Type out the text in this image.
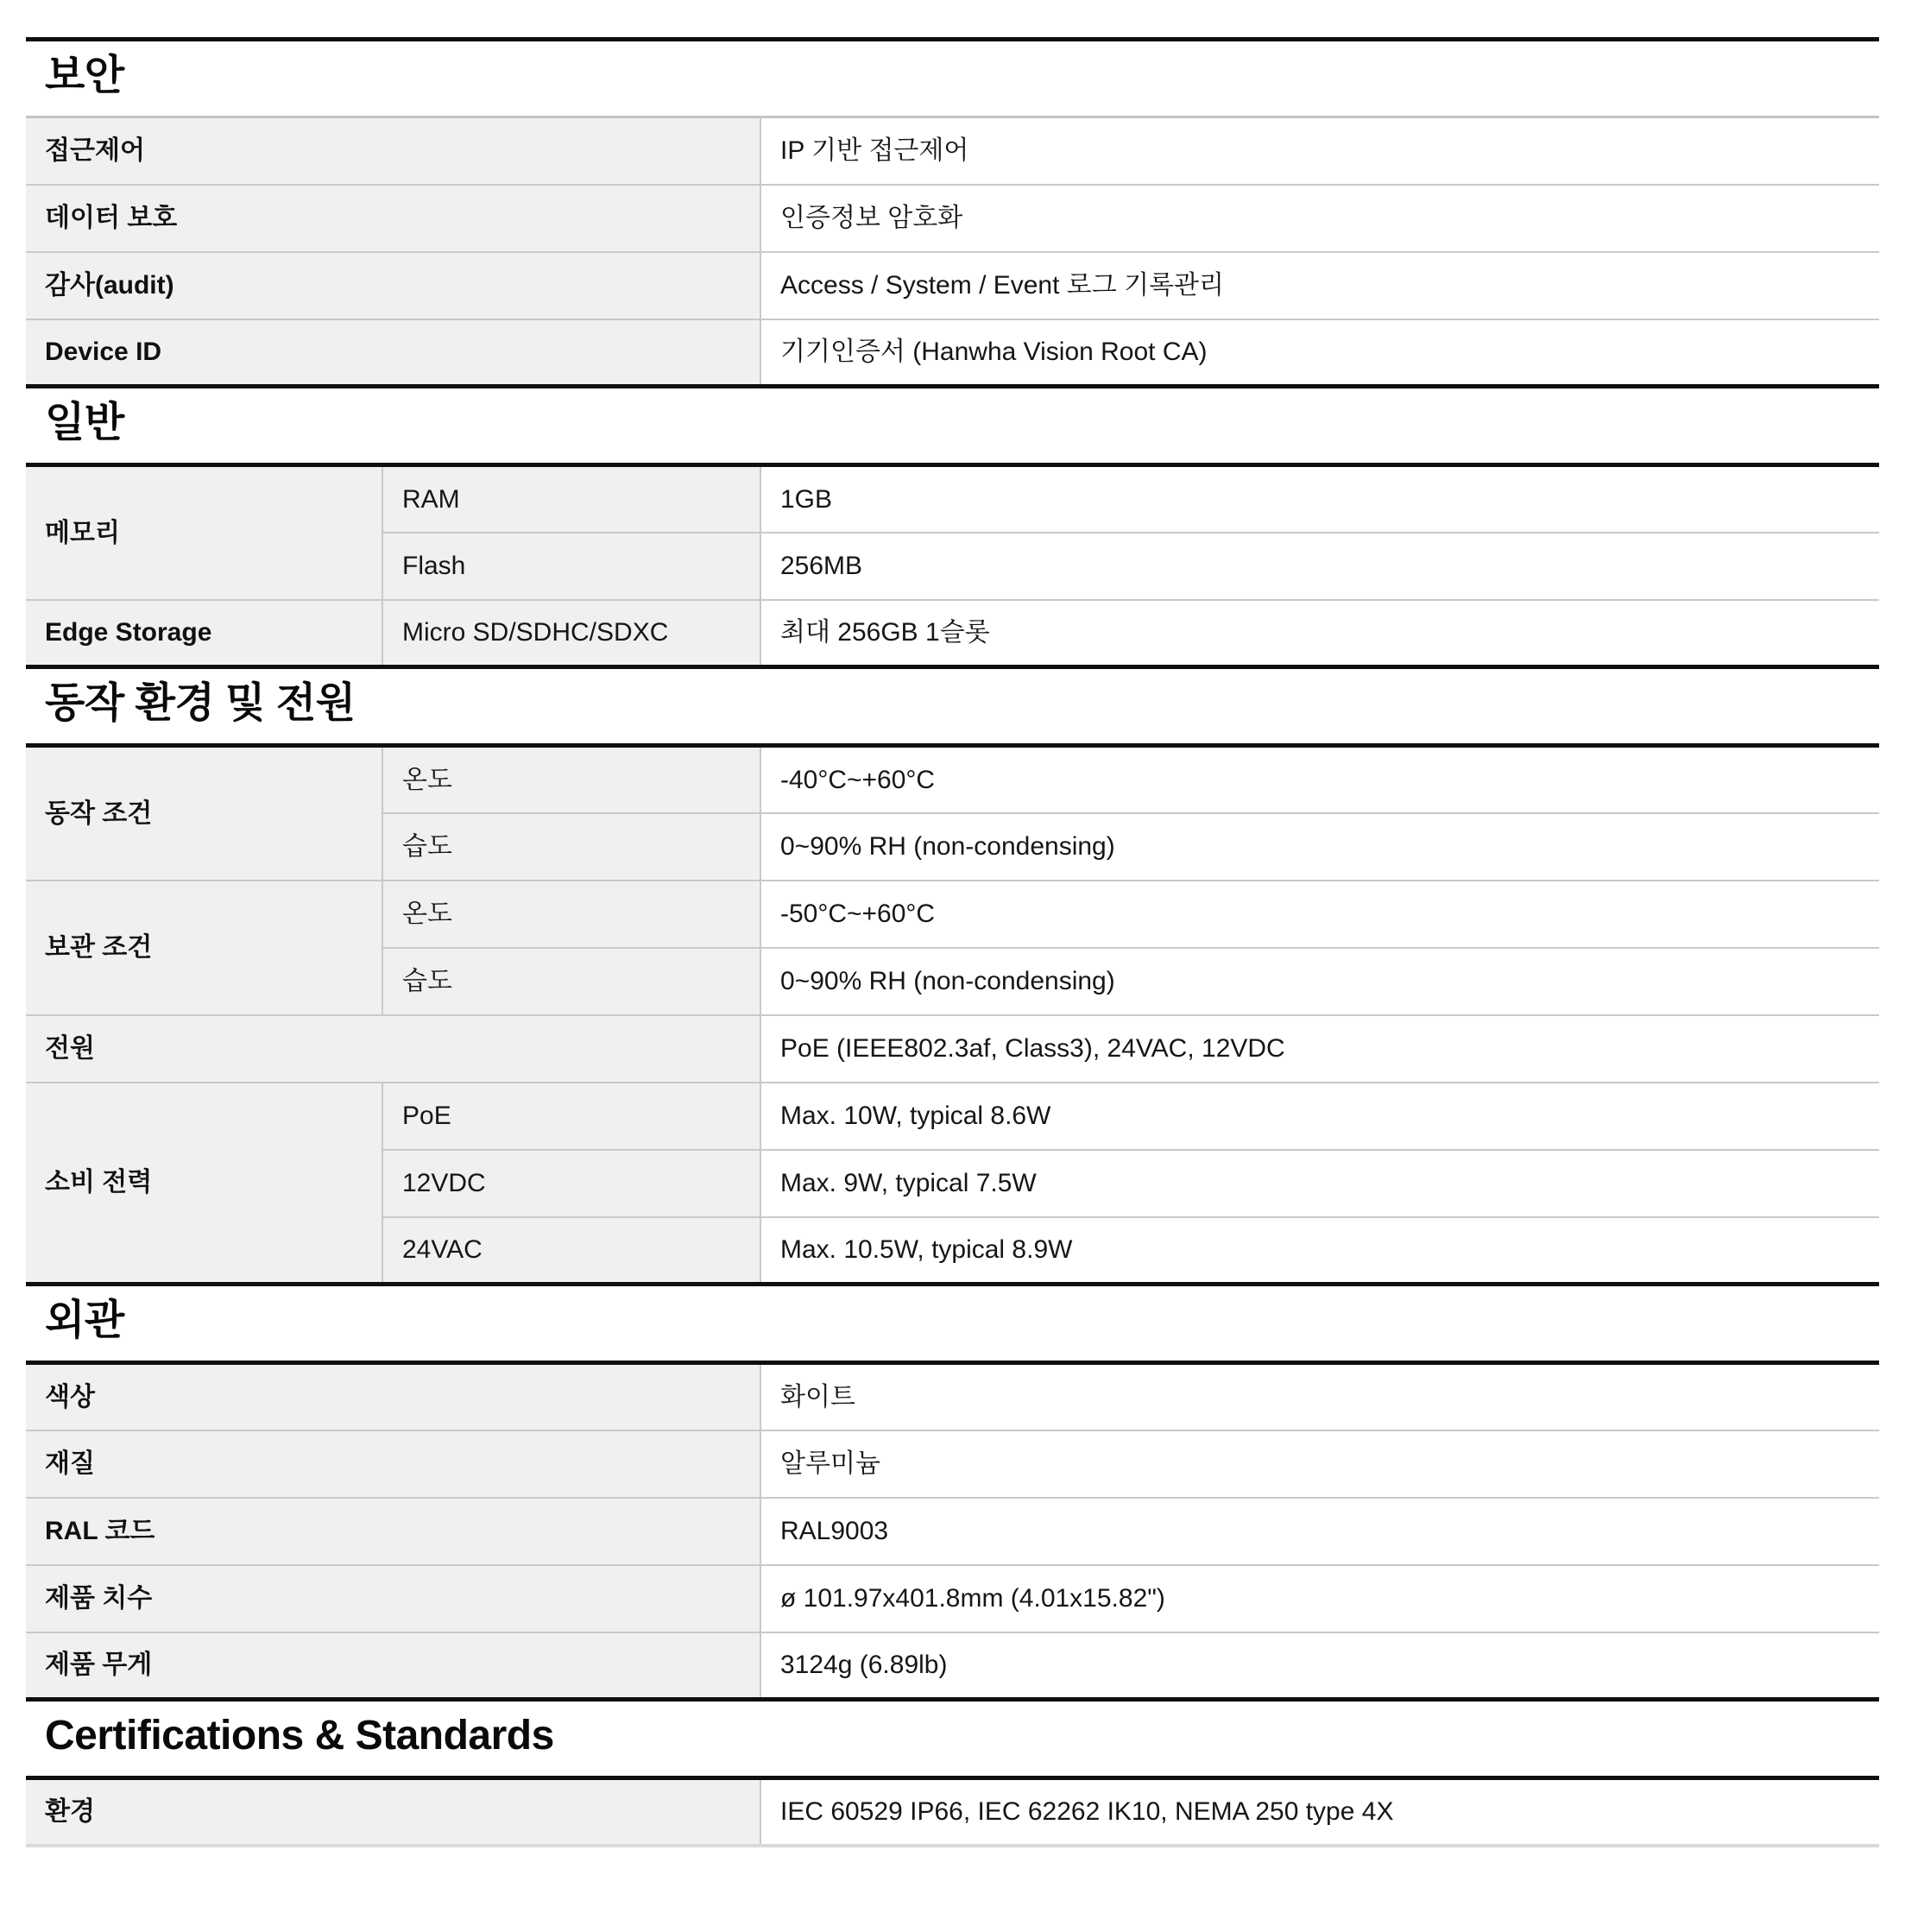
보안
접근제어	IP 기반 접근제어
데이터 보호	인증정보 암호화
감사(audit)	Access / System / Event 로그 기록관리
Device ID	기기인증서 (Hanwha Vision Root CA)
일반
메모리	RAM	1GB
	Flash	256MB
Edge Storage	Micro SD/SDHC/SDXC	최대 256GB 1슬롯
동작 환경 및 전원
동작 조건	온도	-40°C~+60°C
	습도	0~90% RH (non-condensing)
보관 조건	온도	-50°C~+60°C
	습도	0~90% RH (non-condensing)
전원		PoE (IEEE802.3af, Class3), 24VAC, 12VDC
소비 전력	PoE	Max. 10W, typical 8.6W
	12VDC	Max. 9W, typical 7.5W
	24VAC	Max. 10.5W, typical 8.9W
외관
색상	화이트
재질	알루미늄
RAL 코드	RAL9003
제품 치수	ø 101.97x401.8mm (4.01x15.82")
제품 무게	3124g (6.89lb)
Certifications & Standards
환경	IEC 60529 IP66, IEC 62262 IK10, NEMA 250 type 4X
